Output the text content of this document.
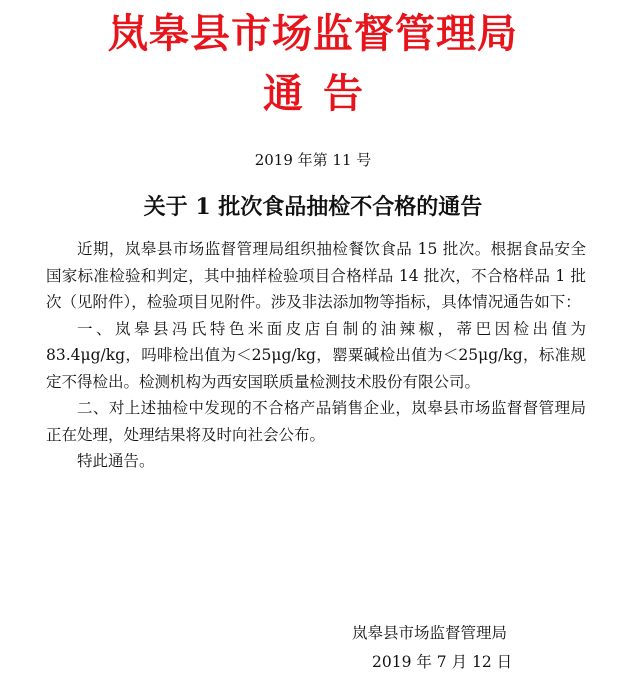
岚皋县市场监督管理局
通告
2019 年第 11 号
关于 1 批次食品抽检不合格的通告

近期，岚皋县市场监督管理局组织抽检餐饮食品 15 批次。根据食品安全国家标准检验和判定，其中抽样检验项目合格样品 14 批次，不合格样品 1 批次（见附件），检验项目见附件。涉及非法添加物等指标，具体情况通告如下：

一、岚皋县冯氏特色米面皮店自制的油辣椒，蒂巴因检出值为 83.4μg/kg，吗啡检出值为＜25μg/kg，罂粟碱检出值为＜25μg/kg，标准规定不得检出。检测机构为西安国联质量检测技术股份有限公司。

二、对上述抽检中发现的不合格产品销售企业，岚皋县市场监督督管理局正在处理，处理结果将及时向社会公布。

特此通告。

岚皋县市场监督管理局
2019 年 7 月 12 日
